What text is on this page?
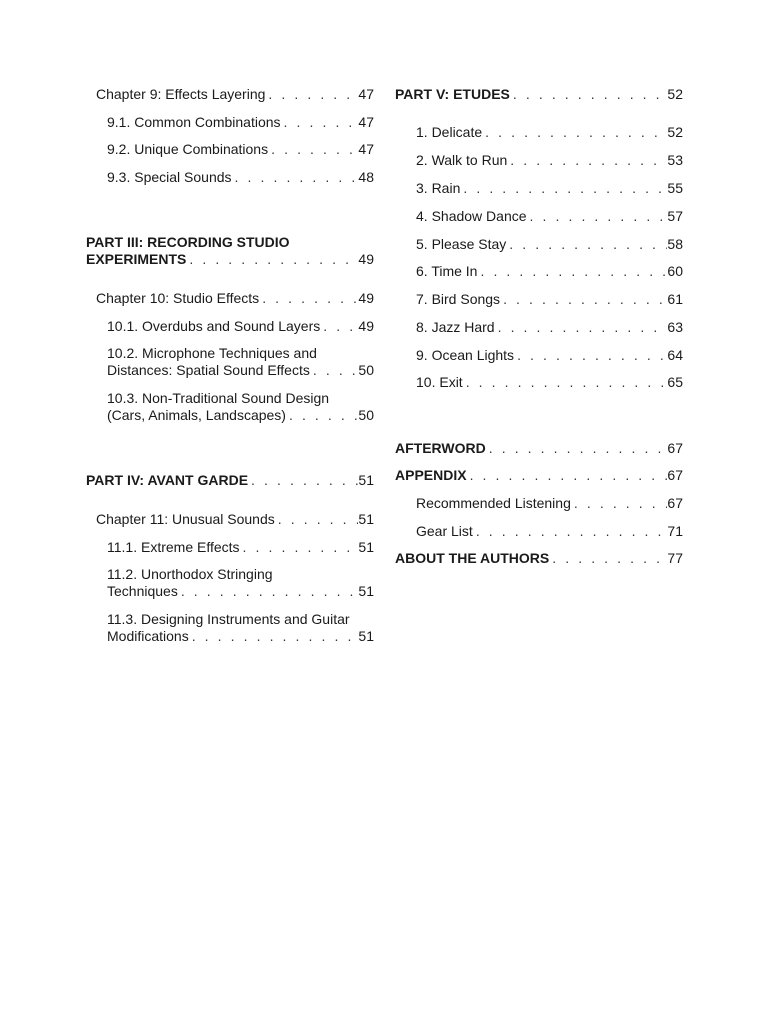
Chapter 9: Effects Layering . . .	47
9.1. Common Combinations . . .	47
9.2. Unique Combinations . . .	47
9.3. Special Sounds . . .	48
PART III: RECORDING STUDIO
EXPERIMENTS . . .	49
Chapter 10: Studio Effects . . .	49
10.1. Overdubs and Sound Layers . . .	49
10.2. Microphone Techniques and
Distances: Spatial Sound Effects . . .	50
10.3. Non-Traditional Sound Design
(Cars, Animals, Landscapes) . . .	50
PART IV: AVANT GARDE . . .	51
Chapter 11: Unusual Sounds . . .	51
11.1. Extreme Effects . . .	51
11.2. Unorthodox Stringing
Techniques . . .	51
11.3. Designing Instruments and Guitar
Modifications . . .	51
PART V: ETUDES . . .	52
1. Delicate . . .	52
2. Walk to Run . . .	53
3. Rain . . .	55
4. Shadow Dance . . .	57
5. Please Stay . . .	58
6. Time In . . .	60
7. Bird Songs . . .	61
8. Jazz Hard . . .	63
9. Ocean Lights . . .	64
10. Exit . . .	65
AFTERWORD . . .	67
APPENDIX . . .	67
Recommended Listening . . .	67
Gear List . . .	71
ABOUT THE AUTHORS . . .	77
